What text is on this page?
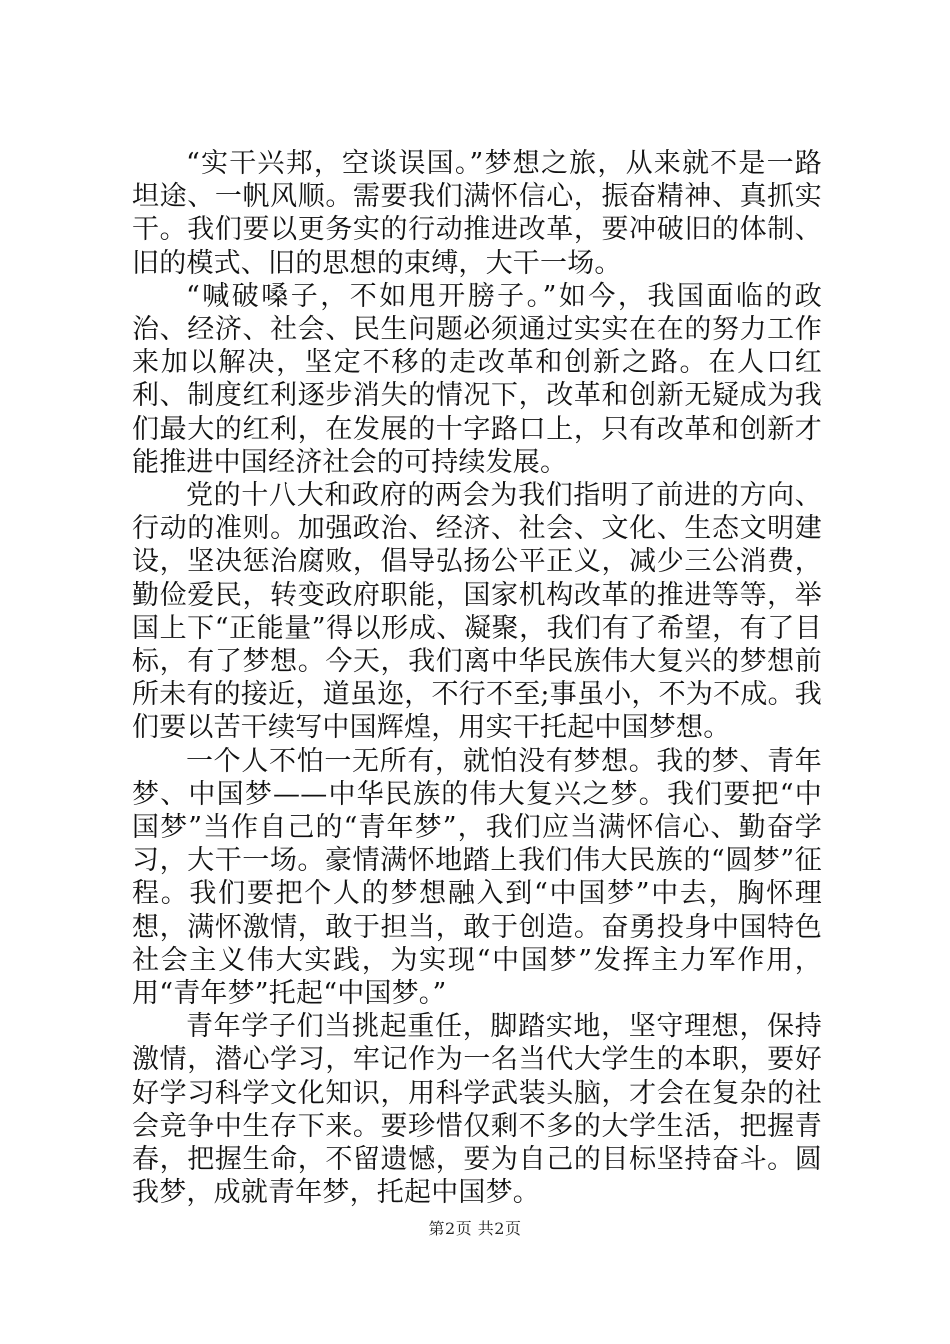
“实干兴邦，空谈误国。”梦想之旅，从来就不是一路坦途、一帆风顺。需要我们满怀信心，振奋精神、真抓实干。我们要以更务实的行动推进改革，要冲破旧的体制、旧的模式、旧的思想的束缚，大干一场。

“喊破嗓子，不如甩开膀子。”如今，我国面临的政治、经济、社会、民生问题必须通过实实在在的努力工作来加以解决，坚定不移的走改革和创新之路。在人口红利、制度红利逐步消失的情况下，改革和创新无疑成为我们最大的红利，在发展的十字路口上，只有改革和创新才能推进中国经济社会的可持续发展。

党的十八大和政府的两会为我们指明了前进的方向、行动的准则。加强政治、经济、社会、文化、生态文明建设，坚决惩治腐败，倡导弘扬公平正义，减少三公消费，勤俭爱民，转变政府职能，国家机构改革的推进等等，举国上下“正能量”得以形成、凝聚，我们有了希望，有了目标，有了梦想。今天，我们离中华民族伟大复兴的梦想前所未有的接近，道虽迩，不行不至;事虽小，不为不成。我们要以苦干续写中国辉煌，用实干托起中国梦想。

一个人不怕一无所有，就怕没有梦想。我的梦、青年梦、中国梦——中华民族的伟大复兴之梦。我们要把“中国梦”当作自己的“青年梦”，我们应当满怀信心、勤奋学习，大干一场。豪情满怀地踏上我们伟大民族的“圆梦”征程。我们要把个人的梦想融入到“中国梦”中去，胸怀理想，满怀激情，敢于担当，敢于创造。奋勇投身中国特色社会主义伟大实践，为实现“中国梦”发挥主力军作用，用“青年梦”托起“中国梦。”

青年学子们当挑起重任，脚踏实地，坚守理想，保持激情，潜心学习，牢记作为一名当代大学生的本职，要好好学习科学文化知识，用科学武装头脑，才会在复杂的社会竞争中生存下来。要珍惜仅剩不多的大学生活，把握青春，把握生命，不留遗憾，要为自己的目标坚持奋斗。圆我梦，成就青年梦，托起中国梦。

第2页 共2页
